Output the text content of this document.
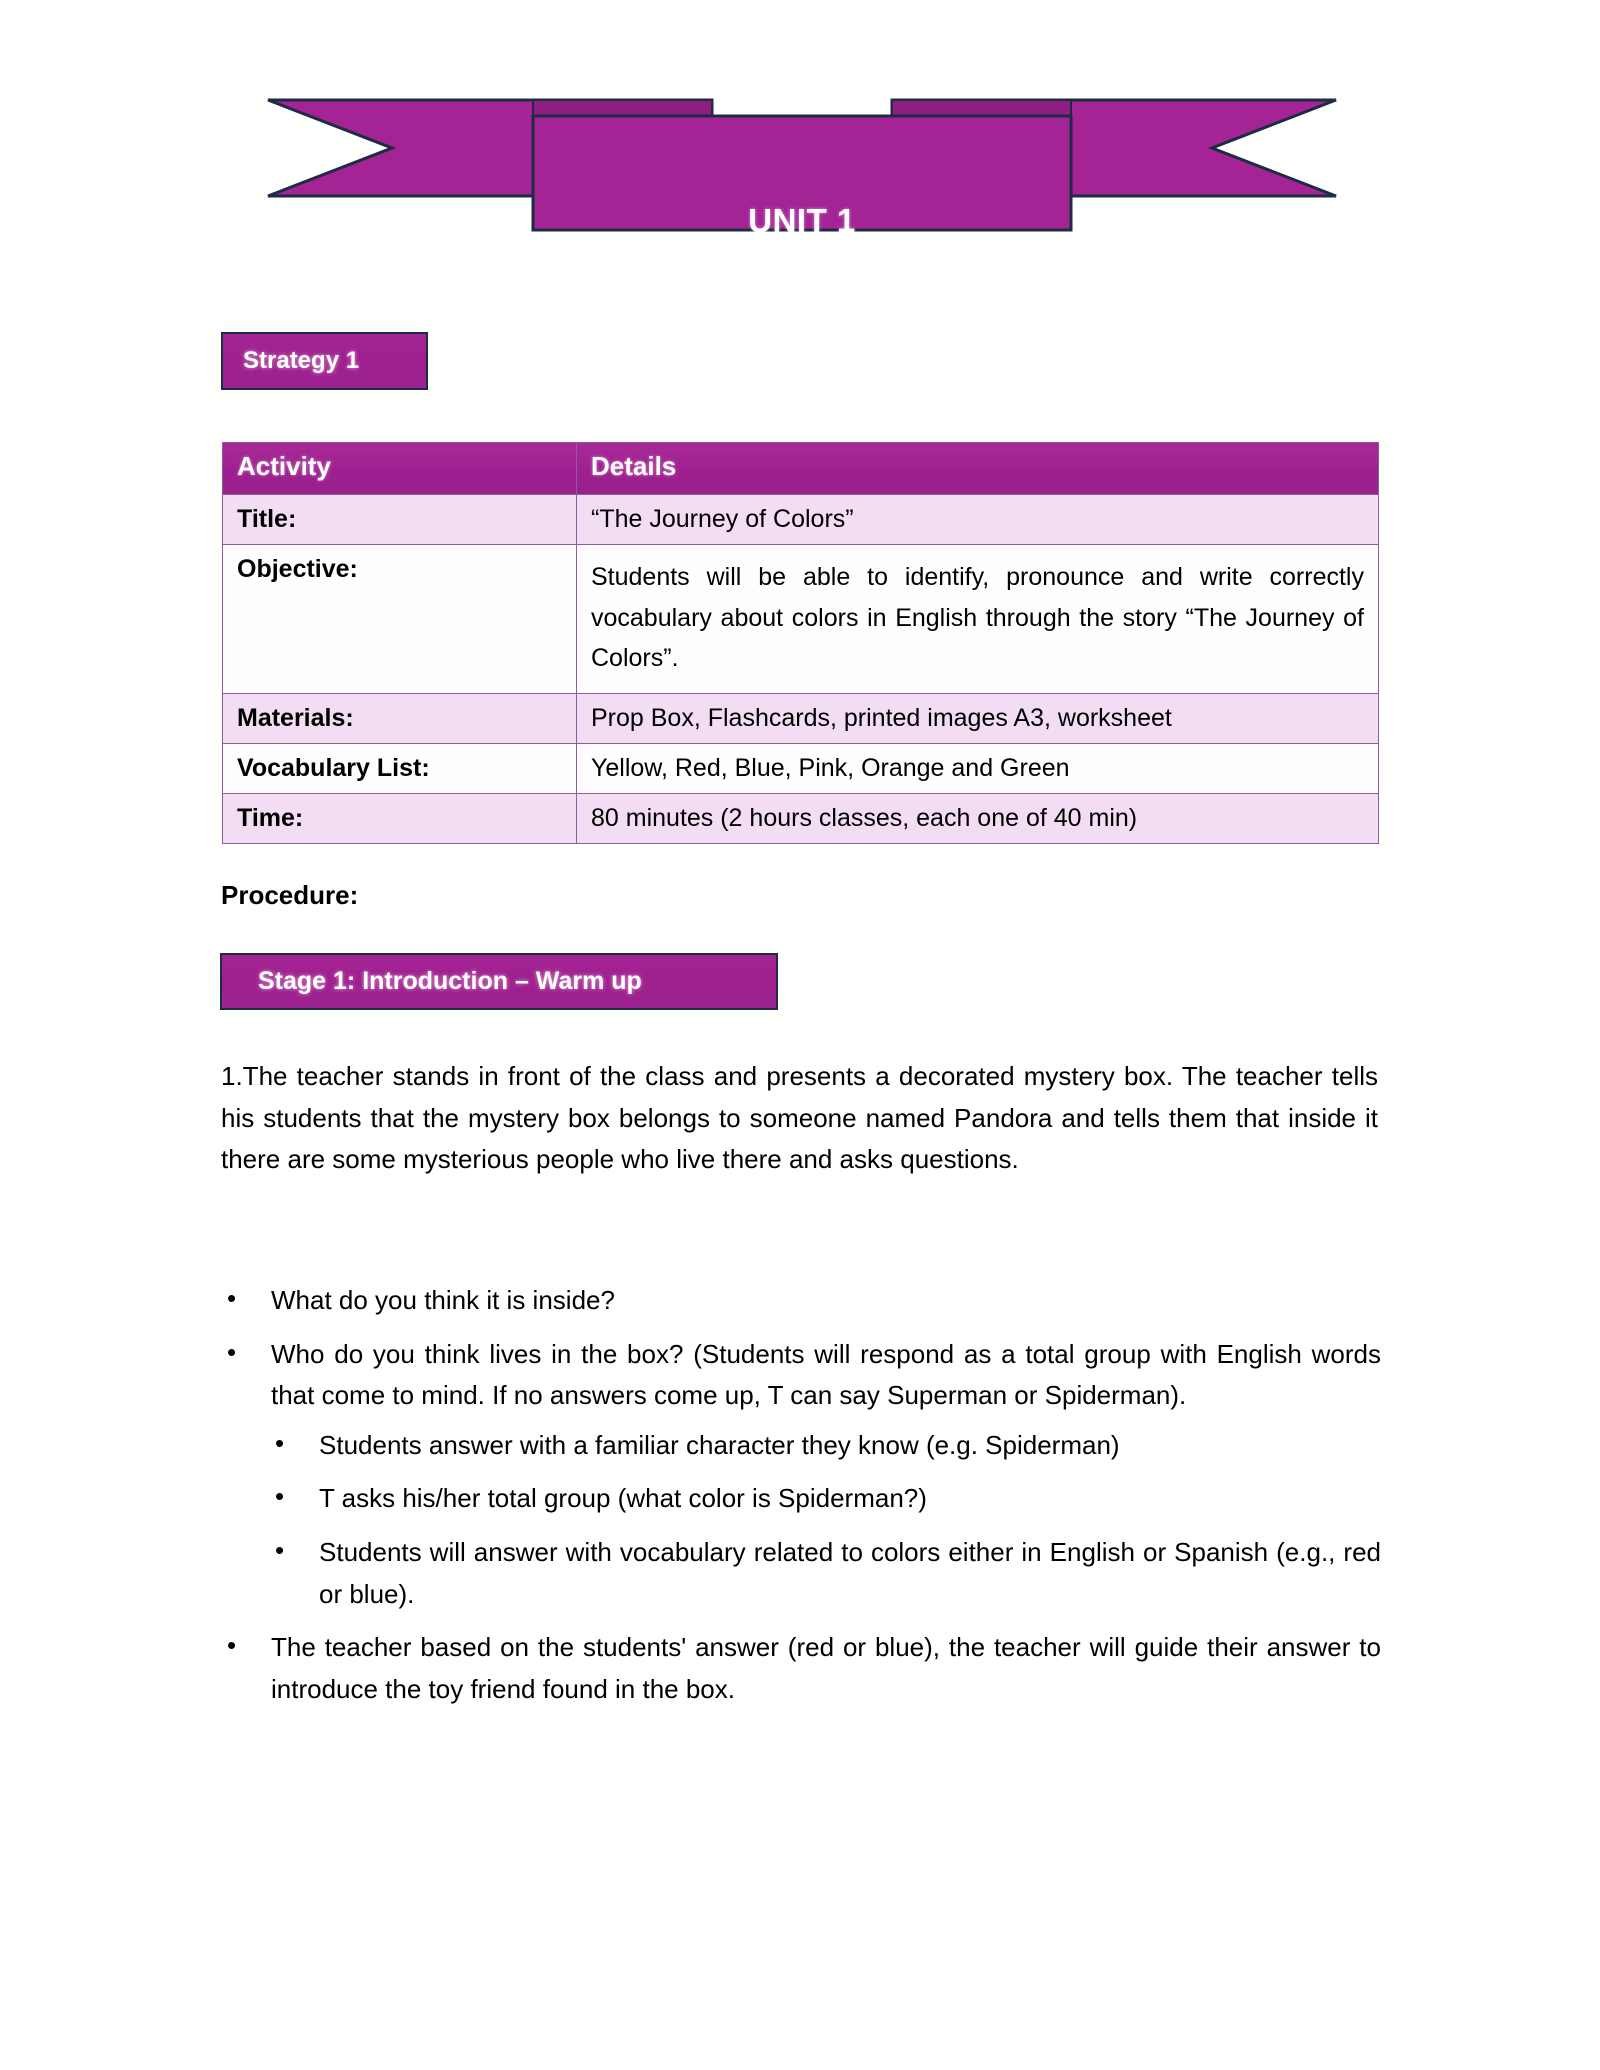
UNIT 1
Strategy 1
Activity	Details
Title:	“The Journey of Colors”
Objective:	Students will be able to identify, pronounce and write correctly vocabulary about colors in English through the story “The Journey of Colors”.
Materials:	Prop Box, Flashcards, printed images A3, worksheet
Vocabulary List:	Yellow, Red, Blue, Pink, Orange and Green
Time:	80 minutes (2 hours classes, each one of 40 min)
Procedure:
Stage 1: Introduction – Warm up
1.The teacher stands in front of the class and presents a decorated mystery box. The teacher tells his students that the mystery box belongs to someone named Pandora and tells them that inside it there are some mysterious people who live there and asks questions.
• What do you think it is inside?
• Who do you think lives in the box? (Students will respond as a total group with English words that come to mind. If no answers come up, T can say Superman or Spiderman).
• Students answer with a familiar character they know (e.g. Spiderman)
• T asks his/her total group (what color is Spiderman?)
• Students will answer with vocabulary related to colors either in English or Spanish (e.g., red or blue).
• The teacher based on the students' answer (red or blue), the teacher will guide their answer to introduce the toy friend found in the box.
